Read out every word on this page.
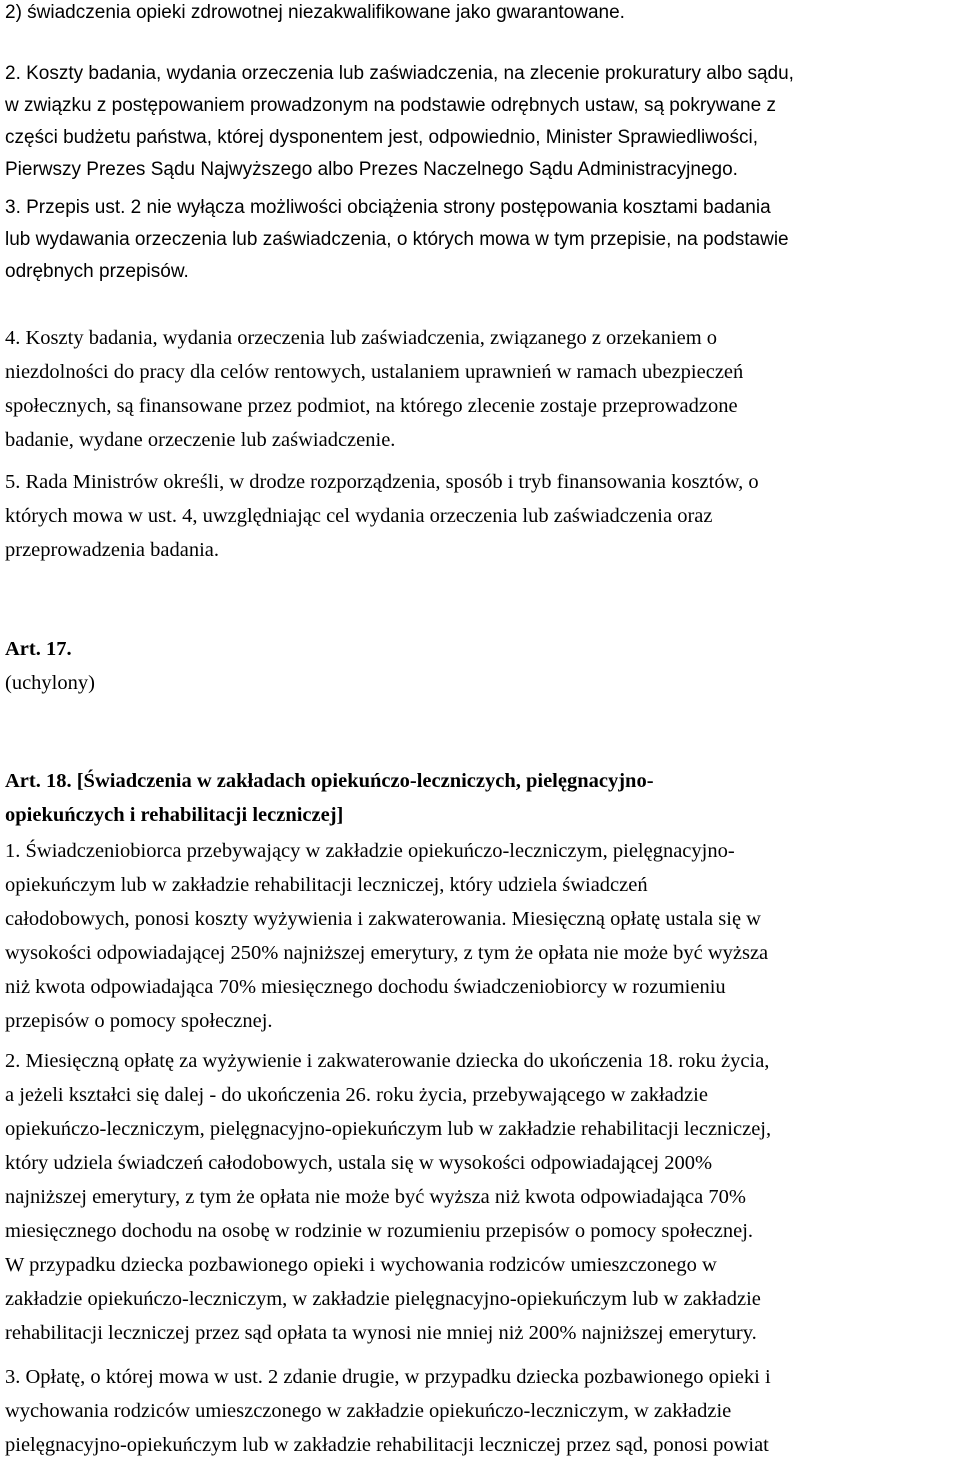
2) świadczenia opieki zdrowotnej niezakwalifikowane jako gwarantowane.
2. Koszty badania, wydania orzeczenia lub zaświadczenia, na zlecenie prokuratury albo sądu,
w związku z postępowaniem prowadzonym na podstawie odrębnych ustaw, są pokrywane z
części budżetu państwa, której dysponentem jest, odpowiednio, Minister Sprawiedliwości,
Pierwszy Prezes Sądu Najwyższego albo Prezes Naczelnego Sądu Administracyjnego.
3. Przepis ust. 2 nie wyłącza możliwości obciążenia strony postępowania kosztami badania
lub wydawania orzeczenia lub zaświadczenia, o których mowa w tym przepisie, na podstawie
odrębnych przepisów.
4. Koszty badania, wydania orzeczenia lub zaświadczenia, związanego z orzekaniem o
niezdolności do pracy dla celów rentowych, ustalaniem uprawnień w ramach ubezpieczeń
społecznych, są finansowane przez podmiot, na którego zlecenie zostaje przeprowadzone
badanie, wydane orzeczenie lub zaświadczenie.
5. Rada Ministrów określi, w drodze rozporządzenia, sposób i tryb finansowania kosztów, o
których mowa w ust. 4, uwzględniając cel wydania orzeczenia lub zaświadczenia oraz
przeprowadzenia badania.
Art. 17.
(uchylony)
Art. 18. [Świadczenia w zakładach opiekuńczo-leczniczych, pielęgnacyjno-
opiekuńczych i rehabilitacji leczniczej]
1. Świadczeniobiorca przebywający w zakładzie opiekuńczo-leczniczym, pielęgnacyjno-
opiekuńczym lub w zakładzie rehabilitacji leczniczej, który udziela świadczeń
całodobowych, ponosi koszty wyżywienia i zakwaterowania. Miesięczną opłatę ustala się w
wysokości odpowiadającej 250% najniższej emerytury, z tym że opłata nie może być wyższa
niż kwota odpowiadająca 70% miesięcznego dochodu świadczeniobiorcy w rozumieniu
przepisów o pomocy społecznej.
2. Miesięczną opłatę za wyżywienie i zakwaterowanie dziecka do ukończenia 18. roku życia,
a jeżeli kształci się dalej - do ukończenia 26. roku życia, przebywającego w zakładzie
opiekuńczo-leczniczym, pielęgnacyjno-opiekuńczym lub w zakładzie rehabilitacji leczniczej,
który udziela świadczeń całodobowych, ustala się w wysokości odpowiadającej 200%
najniższej emerytury, z tym że opłata nie może być wyższa niż kwota odpowiadająca 70%
miesięcznego dochodu na osobę w rodzinie w rozumieniu przepisów o pomocy społecznej.
W przypadku dziecka pozbawionego opieki i wychowania rodziców umieszczonego w
zakładzie opiekuńczo-leczniczym, w zakładzie pielęgnacyjno-opiekuńczym lub w zakładzie
rehabilitacji leczniczej przez sąd opłata ta wynosi nie mniej niż 200% najniższej emerytury.
3. Opłatę, o której mowa w ust. 2 zdanie drugie, w przypadku dziecka pozbawionego opieki i
wychowania rodziców umieszczonego w zakładzie opiekuńczo-leczniczym, w zakładzie
pielęgnacyjno-opiekuńczym lub w zakładzie rehabilitacji leczniczej przez sąd, ponosi powiat
